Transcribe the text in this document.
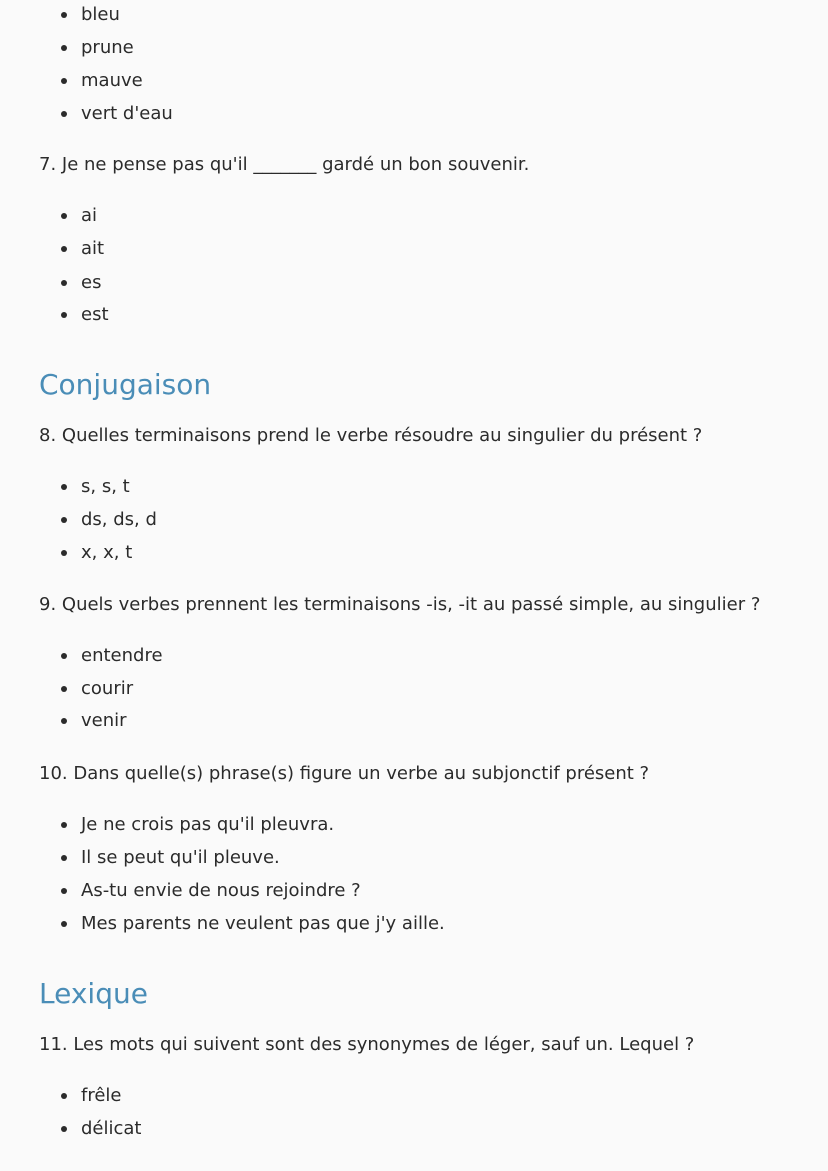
bleu
prune
mauve
vert d'eau

7. Je ne pense pas qu'il _______ gardé un bon souvenir.

ai
ait
es
est
Conjugaison

8. Quelles terminaisons prend le verbe résoudre au singulier du présent ?

s, s, t
ds, ds, d
x, x, t

9. Quels verbes prennent les terminaisons -is, -it au passé simple, au singulier ?

entendre
courir
venir

10. Dans quelle(s) phrase(s) figure un verbe au subjonctif présent ?

Je ne crois pas qu'il pleuvra.
Il se peut qu'il pleuve.
As-tu envie de nous rejoindre ?
Mes parents ne veulent pas que j'y aille.
Lexique

11. Les mots qui suivent sont des synonymes de léger, sauf un. Lequel ?

frêle
délicat
